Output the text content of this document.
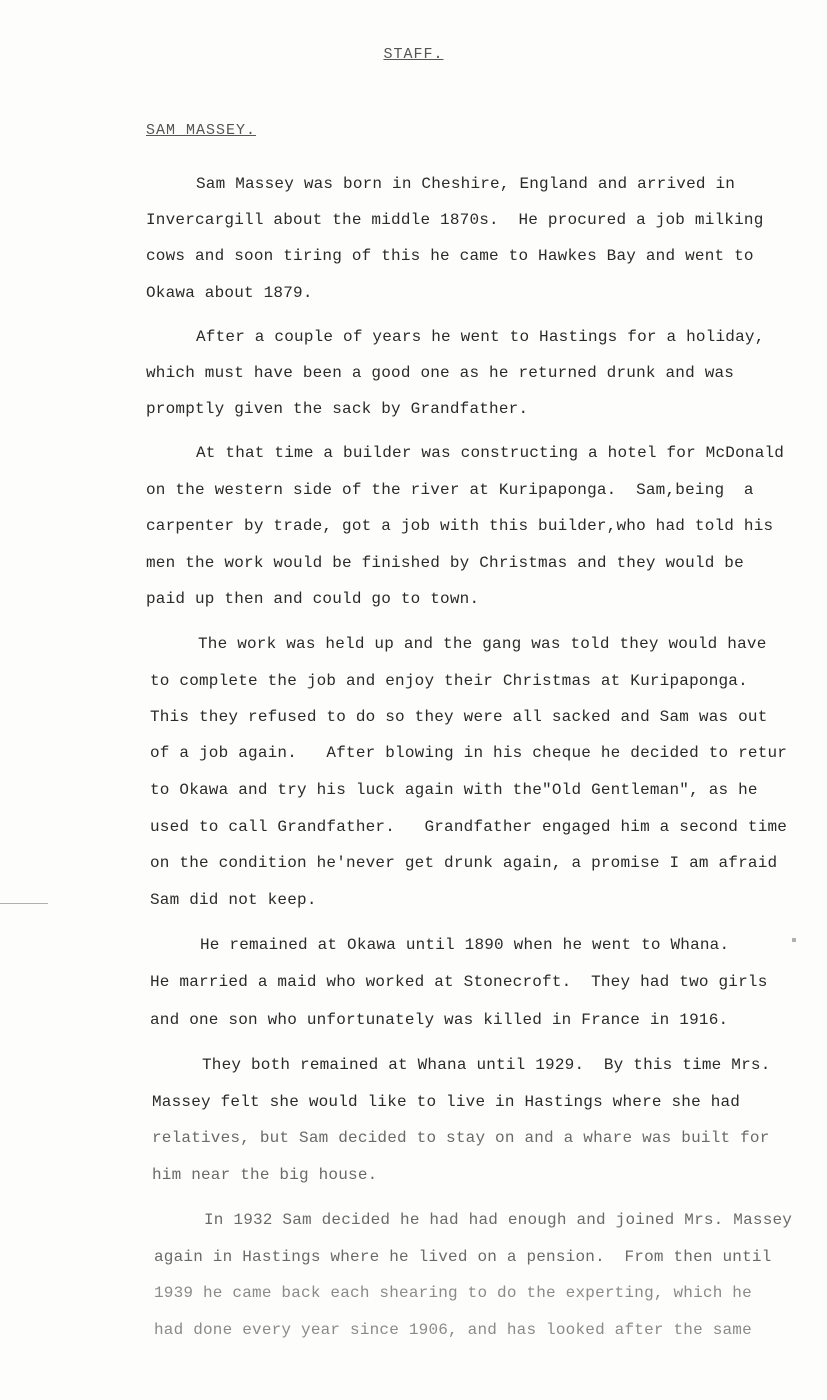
STAFF.
SAM MASSEY.
Sam Massey was born in Cheshire, England and arrived in
Invercargill about the middle 1870s.  He procured a job milking
cows and soon tiring of this he came to Hawkes Bay and went to
Okawa about 1879.
After a couple of years he went to Hastings for a holiday,
which must have been a good one as he returned drunk and was
promptly given the sack by Grandfather.
At that time a builder was constructing a hotel for McDonald
on the western side of the river at Kuripaponga.  Sam,being  a
carpenter by trade, got a job with this builder,who had told his
men the work would be finished by Christmas and they would be
paid up then and could go to town.
The work was held up and the gang was told they would have
to complete the job and enjoy their Christmas at Kuripaponga.
This they refused to do so they were all sacked and Sam was out
of a job again.   After blowing in his cheque he decided to retur
to Okawa and try his luck again with the"Old Gentleman", as he
used to call Grandfather.   Grandfather engaged him a second time
on the condition he'never get drunk again, a promise I am afraid
Sam did not keep.
He remained at Okawa until 1890 when he went to Whana.
He married a maid who worked at Stonecroft.  They had two girls
and one son who unfortunately was killed in France in 1916.
They both remained at Whana until 1929.  By this time Mrs.
Massey felt she would like to live in Hastings where she had
relatives, but Sam decided to stay on and a whare was built for
him near the big house.
In 1932 Sam decided he had had enough and joined Mrs. Massey
again in Hastings where he lived on a pension.  From then until
1939 he came back each shearing to do the experting, which he
had done every year since 1906, and has looked after the same
